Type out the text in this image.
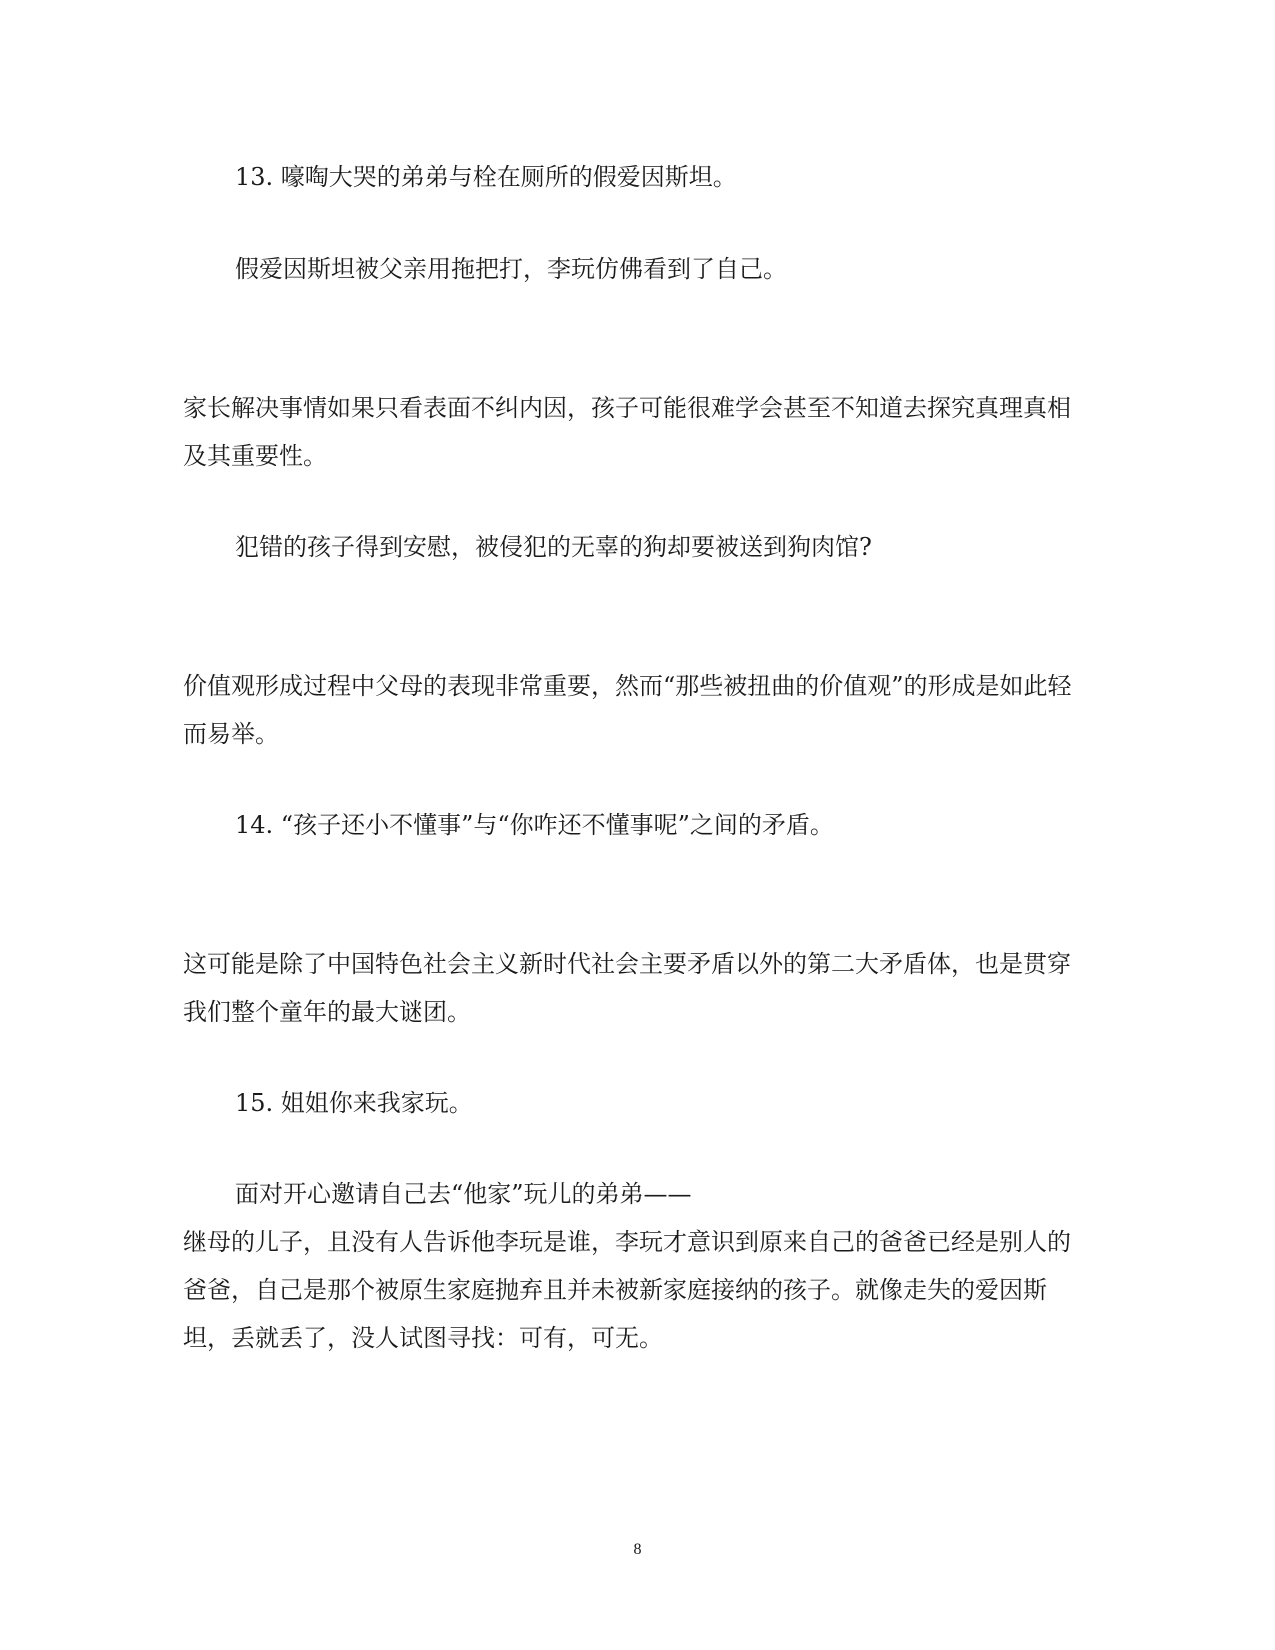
13. 嚎啕大哭的弟弟与栓在厕所的假爱因斯坦。

假爱因斯坦被父亲用拖把打，李玩仿佛看到了自己。

家长解决事情如果只看表面不纠内因，孩子可能很难学会甚至不知道去探究真理真相及其重要性。

犯错的孩子得到安慰，被侵犯的无辜的狗却要被送到狗肉馆?

价值观形成过程中父母的表现非常重要，然而“那些被扭曲的价值观”的形成是如此轻而易举。

14. “孩子还小不懂事”与“你咋还不懂事呢”之间的矛盾。

这可能是除了中国特色社会主义新时代社会主要矛盾以外的第二大矛盾体，也是贯穿我们整个童年的最大谜团。

15. 姐姐你来我家玩。

面对开心邀请自己去“他家”玩儿的弟弟——

继母的儿子，且没有人告诉他李玩是谁，李玩才意识到原来自己的爸爸已经是别人的爸爸，自己是那个被原生家庭抛弃且并未被新家庭接纳的孩子。就像走失的爱因斯坦，丢就丢了，没人试图寻找：可有，可无。

8
